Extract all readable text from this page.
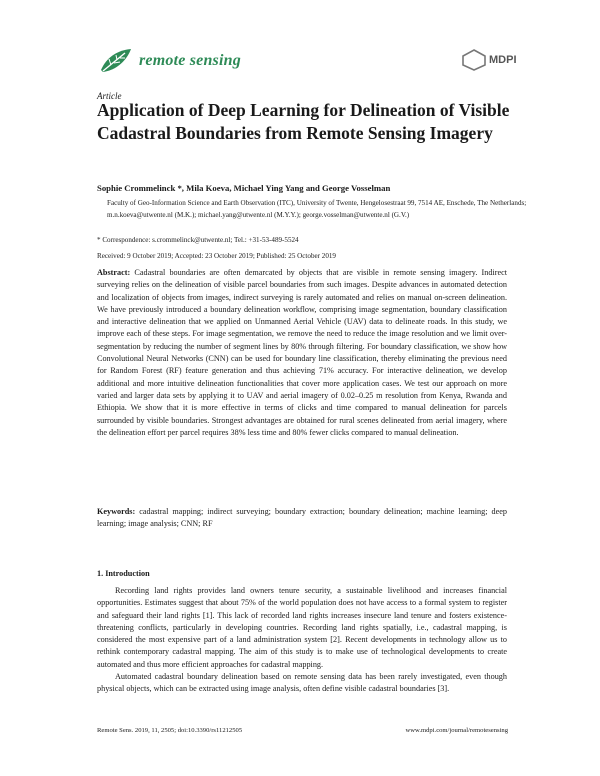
remote sensing	MDPI
Article
Application of Deep Learning for Delineation of Visible Cadastral Boundaries from Remote Sensing Imagery
Sophie Crommelinck *, Mila Koeva, Michael Ying Yang and George Vosselman
Faculty of Geo-Information Science and Earth Observation (ITC), University of Twente, Hengelosestraat 99, 7514 AE, Enschede, The Netherlands; m.n.koeva@utwente.nl (M.K.); michael.yang@utwente.nl (M.Y.Y.); george.vosselman@utwente.nl (G.V.)
* Correspondence: s.crommelinck@utwente.nl; Tel.: +31-53-489-5524
Received: 9 October 2019; Accepted: 23 October 2019; Published: 25 October 2019
Abstract: Cadastral boundaries are often demarcated by objects that are visible in remote sensing imagery. Indirect surveying relies on the delineation of visible parcel boundaries from such images. Despite advances in automated detection and localization of objects from images, indirect surveying is rarely automated and relies on manual on-screen delineation. We have previously introduced a boundary delineation workflow, comprising image segmentation, boundary classification and interactive delineation that we applied on Unmanned Aerial Vehicle (UAV) data to delineate roads. In this study, we improve each of these steps. For image segmentation, we remove the need to reduce the image resolution and we limit over-segmentation by reducing the number of segment lines by 80% through filtering. For boundary classification, we show how Convolutional Neural Networks (CNN) can be used for boundary line classification, thereby eliminating the previous need for Random Forest (RF) feature generation and thus achieving 71% accuracy. For interactive delineation, we develop additional and more intuitive delineation functionalities that cover more application cases. We test our approach on more varied and larger data sets by applying it to UAV and aerial imagery of 0.02–0.25 m resolution from Kenya, Rwanda and Ethiopia. We show that it is more effective in terms of clicks and time compared to manual delineation for parcels surrounded by visible boundaries. Strongest advantages are obtained for rural scenes delineated from aerial imagery, where the delineation effort per parcel requires 38% less time and 80% fewer clicks compared to manual delineation.
Keywords: cadastral mapping; indirect surveying; boundary extraction; boundary delineation; machine learning; deep learning; image analysis; CNN; RF
1. Introduction

Recording land rights provides land owners tenure security, a sustainable livelihood and increases financial opportunities. Estimates suggest that about 75% of the world population does not have access to a formal system to register and safeguard their land rights [1]. This lack of recorded land rights increases insecure land tenure and fosters existence-threatening conflicts, particularly in developing countries. Recording land rights spatially, i.e., cadastral mapping, is considered the most expensive part of a land administration system [2]. Recent developments in technology allow us to rethink contemporary cadastral mapping. The aim of this study is to make use of technological developments to create automated and thus more efficient approaches for cadastral mapping.

Automated cadastral boundary delineation based on remote sensing data has been rarely investigated, even though physical objects, which can be extracted using image analysis, often define visible cadastral boundaries [3].

Remote Sens. 2019, 11, 2505; doi:10.3390/rs11212505	www.mdpi.com/journal/remotesensing
